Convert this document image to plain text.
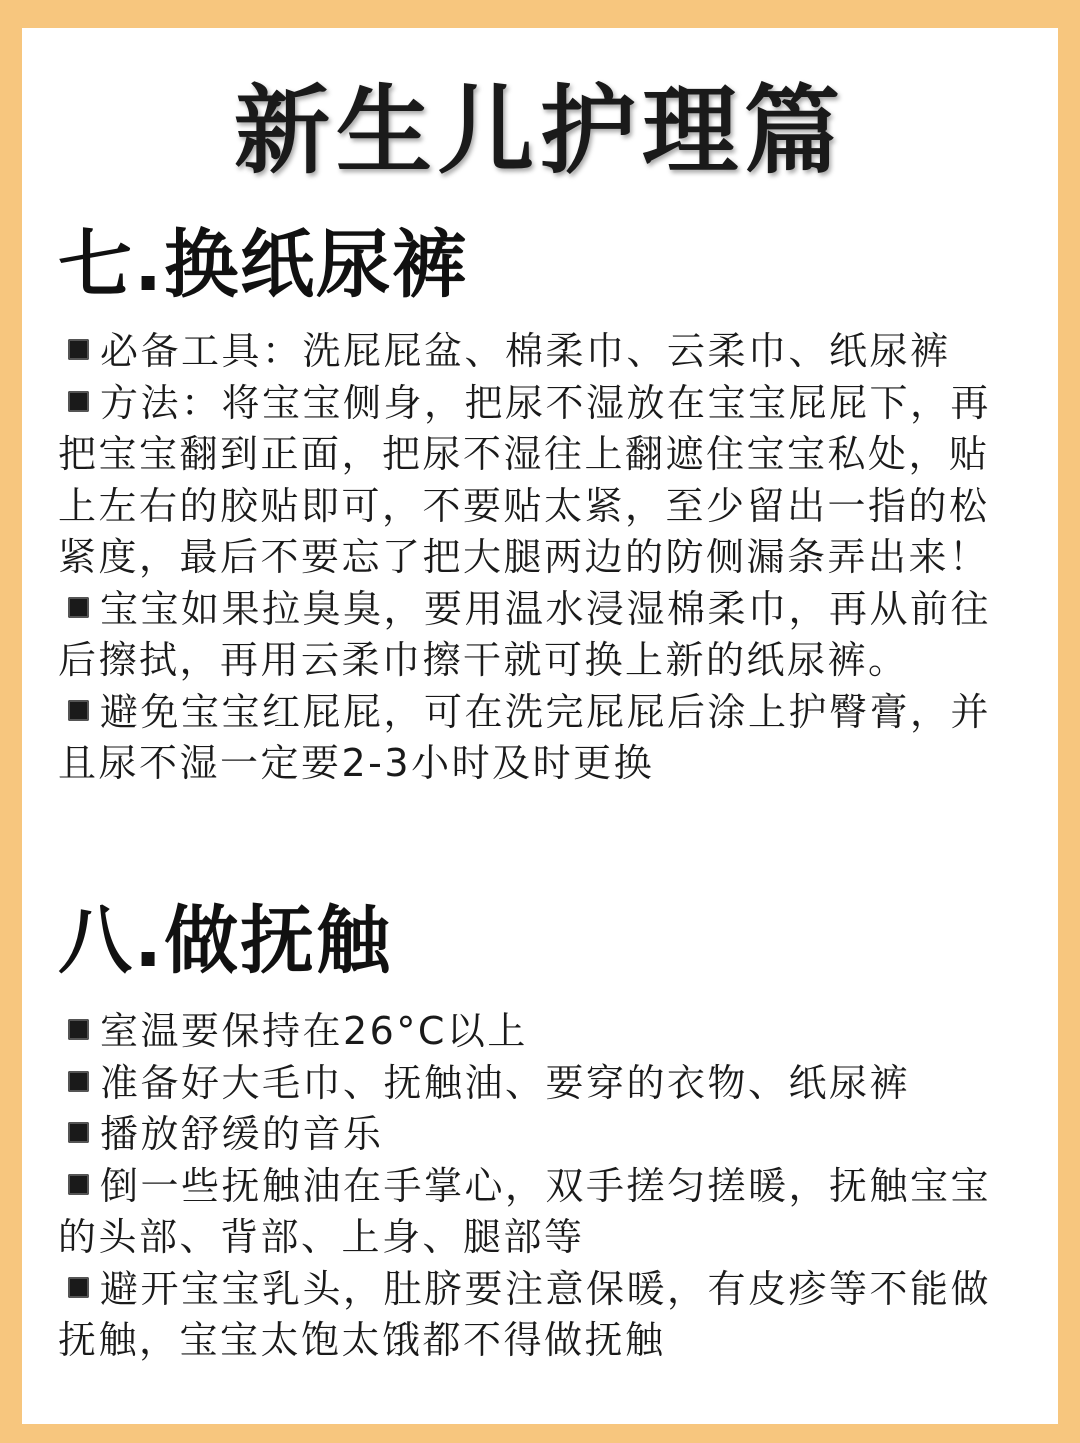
新生儿护理篇
七.换纸尿裤

必备工具：洗屁屁盆、棉柔巾、云柔巾、纸尿裤

方法：将宝宝侧身，把尿不湿放在宝宝屁屁下，再把宝宝翻到正面，把尿不湿往上翻遮住宝宝私处，贴上左右的胶贴即可，不要贴太紧，至少留出一指的松紧度，最后不要忘了把大腿两边的防侧漏条弄出来！

宝宝如果拉臭臭，要用温水浸湿棉柔巾，再从前往后擦拭，再用云柔巾擦干就可换上新的纸尿裤。

避免宝宝红屁屁，可在洗完屁屁后涂上护臀膏，并且尿不湿一定要2-3小时及时更换

八.做抚触

室温要保持在26°C以上

准备好大毛巾、抚触油、要穿的衣物、纸尿裤

播放舒缓的音乐

倒一些抚触油在手掌心，双手搓匀搓暖，抚触宝宝的头部、背部、上身、腿部等

避开宝宝乳头，肚脐要注意保暖，有皮疹等不能做抚触，宝宝太饱太饿都不得做抚触
